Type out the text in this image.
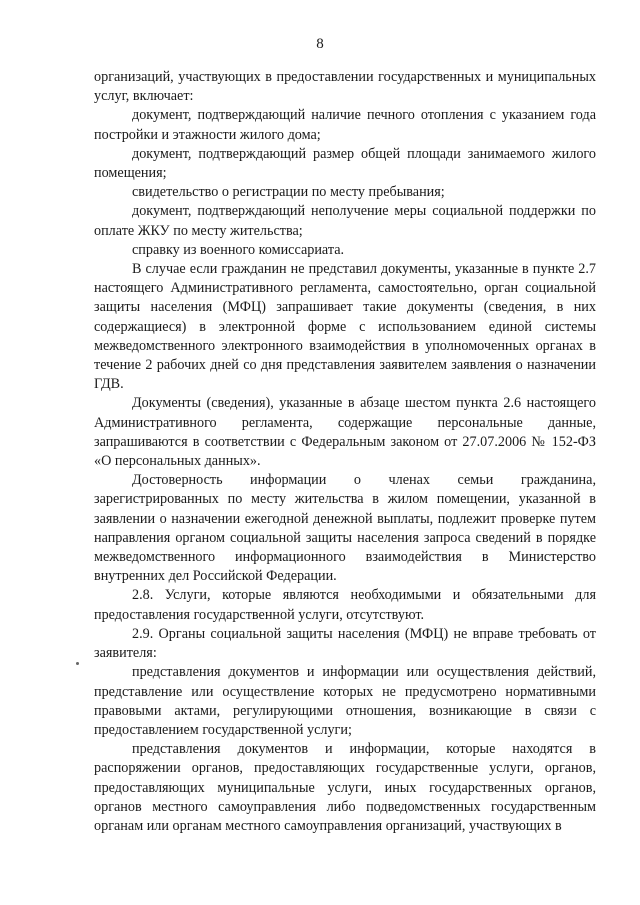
8

организаций, участвующих в предоставлении государственных и муниципальных услуг, включает:

документ, подтверждающий наличие печного отопления с указанием года постройки и этажности жилого дома;

документ, подтверждающий размер общей площади занимаемого жилого помещения;

свидетельство о регистрации по месту пребывания;

документ, подтверждающий неполучение меры социальной поддержки по оплате ЖКУ по месту жительства;

справку из военного комиссариата.

В случае если гражданин не представил документы, указанные в пункте 2.7 настоящего Административного регламента, самостоятельно, орган социальной защиты населения (МФЦ) запрашивает такие документы (сведения, в них содержащиеся) в электронной форме с использованием единой системы межведомственного электронного взаимодействия в уполномоченных органах в течение 2 рабочих дней со дня представления заявителем заявления о назначении ГДВ.

Документы (сведения), указанные в абзаце шестом пункта 2.6 настоящего Административного регламента, содержащие персональные данные, запрашиваются в соответствии с Федеральным законом от 27.07.2006 № 152-ФЗ «О персональных данных».

Достоверность информации о членах семьи гражданина, зарегистрированных по месту жительства в жилом помещении, указанной в заявлении о назначении ежегодной денежной выплаты, подлежит проверке путем направления органом социальной защиты населения запроса сведений в порядке межведомственного информационного взаимодействия в Министерство внутренних дел Российской Федерации.

2.8. Услуги, которые являются необходимыми и обязательными для предоставления государственной услуги, отсутствуют.

2.9. Органы социальной защиты населения (МФЦ) не вправе требовать от заявителя:

представления документов и информации или осуществления действий, представление или осуществление которых не предусмотрено нормативными правовыми актами, регулирующими отношения, возникающие в связи с предоставлением государственной услуги;

представления документов и информации, которые находятся в распоряжении органов, предоставляющих государственные услуги, органов, предоставляющих муниципальные услуги, иных государственных органов, органов местного самоуправления либо подведомственных государственным органам или органам местного самоуправления организаций, участвующих в
